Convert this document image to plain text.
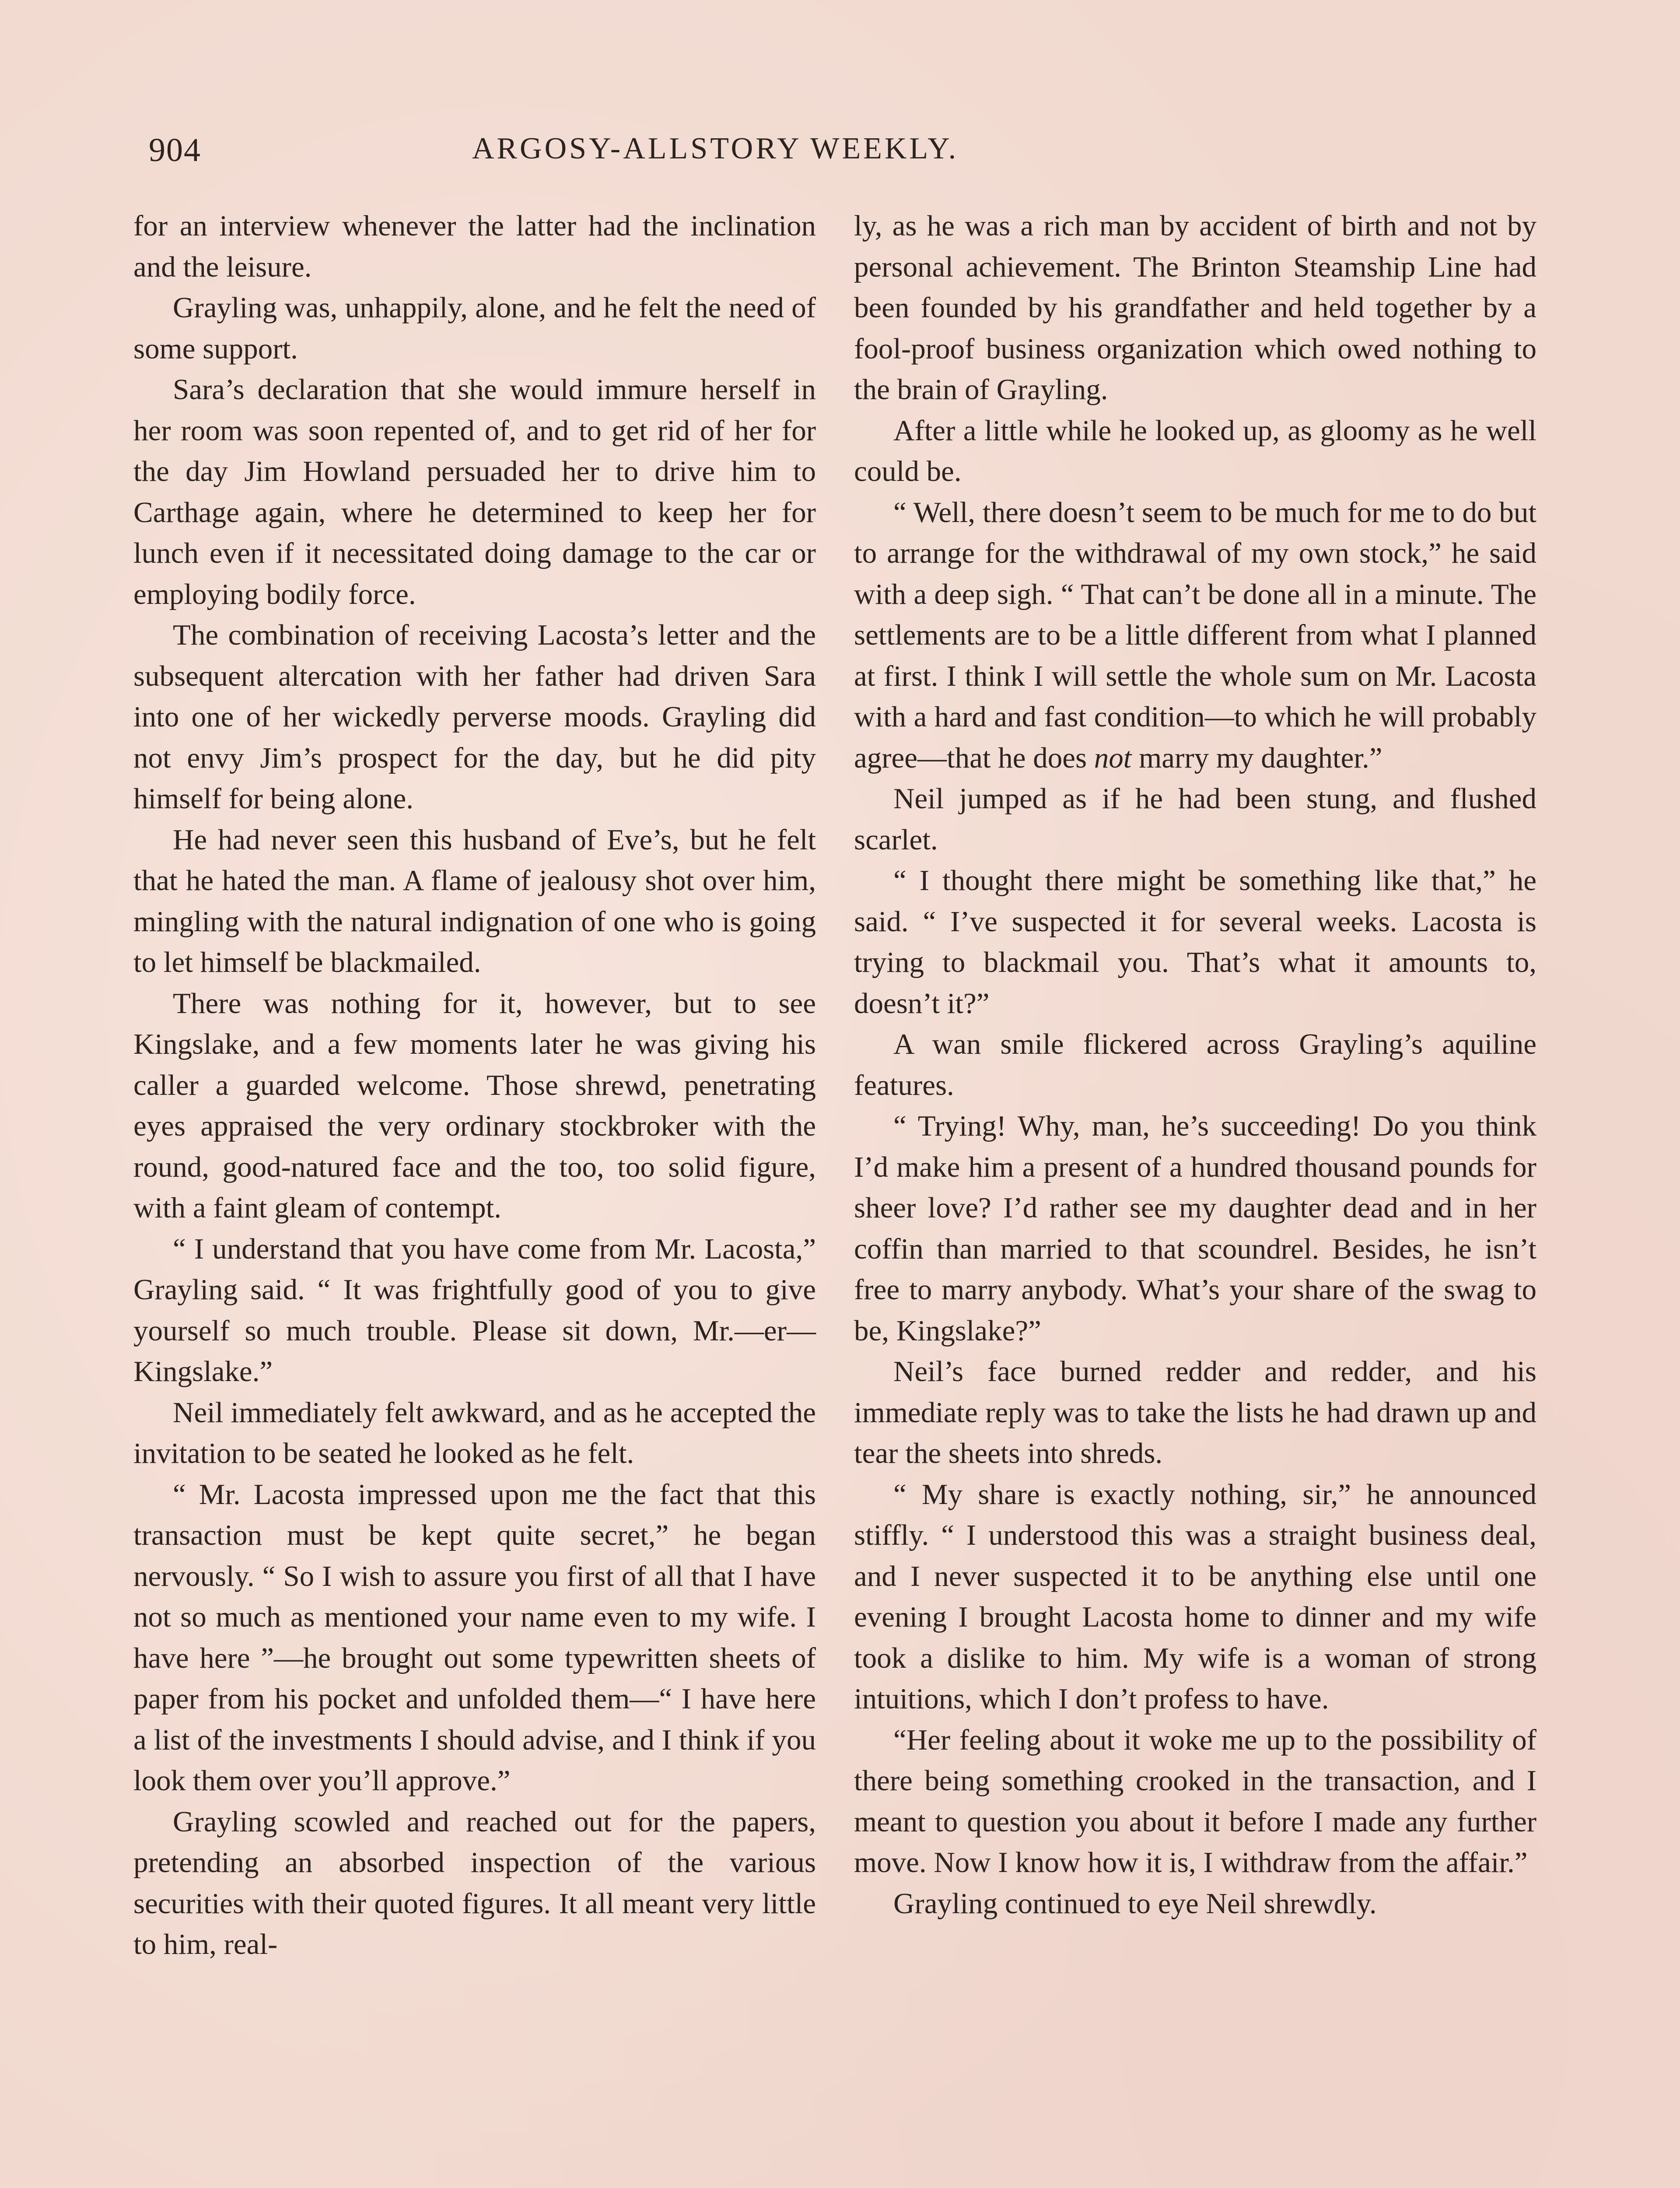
904	ARGOSY-ALLSTORY WEEKLY.

for an interview whenever the latter had the inclination and the leisure.

Grayling was, unhappily, alone, and he felt the need of some support.

Sara’s declaration that she would immure herself in her room was soon repented of, and to get rid of her for the day Jim Howland persuaded her to drive him to Carthage again, where he determined to keep her for lunch even if it necessitated doing damage to the car or employing bodily force.

The combination of receiving Lacosta’s letter and the subsequent altercation with her father had driven Sara into one of her wickedly perverse moods. Grayling did not envy Jim’s prospect for the day, but he did pity himself for being alone.

He had never seen this husband of Eve’s, but he felt that he hated the man. A flame of jealousy shot over him, mingling with the natural indignation of one who is going to let himself be blackmailed.

There was nothing for it, however, but to see Kingslake, and a few moments later he was giving his caller a guarded welcome. Those shrewd, penetrating eyes appraised the very ordinary stockbroker with the round, good-natured face and the too, too solid figure, with a faint gleam of contempt.

“ I understand that you have come from Mr. Lacosta,” Grayling said. “ It was frightfully good of you to give yourself so much trouble. Please sit down, Mr.—er—Kingslake.”

Neil immediately felt awkward, and as he accepted the invitation to be seated he looked as he felt.

“ Mr. Lacosta impressed upon me the fact that this transaction must be kept quite secret,” he began nervously. “ So I wish to assure you first of all that I have not so much as mentioned your name even to my wife. I have here ”—he brought out some typewritten sheets of paper from his pocket and unfolded them—“ I have here a list of the investments I should advise, and I think if you look them over you’ll approve.”

Grayling scowled and reached out for the papers, pretending an absorbed inspection of the various securities with their quoted figures. It all meant very little to him, real-

ly, as he was a rich man by accident of birth and not by personal achievement. The Brinton Steamship Line had been founded by his grandfather and held together by a fool-proof business organization which owed nothing to the brain of Grayling.

After a little while he looked up, as gloomy as he well could be.

“ Well, there doesn’t seem to be much for me to do but to arrange for the withdrawal of my own stock,” he said with a deep sigh. “ That can’t be done all in a minute. The settlements are to be a little different from what I planned at first. I think I will settle the whole sum on Mr. Lacosta with a hard and fast condition—to which he will probably agree—that he does not marry my daughter.”

Neil jumped as if he had been stung, and flushed scarlet.

“ I thought there might be something like that,” he said. “ I’ve suspected it for several weeks. Lacosta is trying to blackmail you. That’s what it amounts to, doesn’t it?”

A wan smile flickered across Grayling’s aquiline features.

“ Trying! Why, man, he’s succeeding! Do you think I’d make him a present of a hundred thousand pounds for sheer love? I’d rather see my daughter dead and in her coffin than married to that scoundrel. Besides, he isn’t free to marry anybody. What’s your share of the swag to be, Kingslake?”

Neil’s face burned redder and redder, and his immediate reply was to take the lists he had drawn up and tear the sheets into shreds.

“ My share is exactly nothing, sir,” he announced stiffly. “ I understood this was a straight business deal, and I never suspected it to be anything else until one evening I brought Lacosta home to dinner and my wife took a dislike to him. My wife is a woman of strong intuitions, which I don’t profess to have.

“Her feeling about it woke me up to the possibility of there being something crooked in the transaction, and I meant to question you about it before I made any further move. Now I know how it is, I withdraw from the affair.”

Grayling continued to eye Neil shrewdly.
